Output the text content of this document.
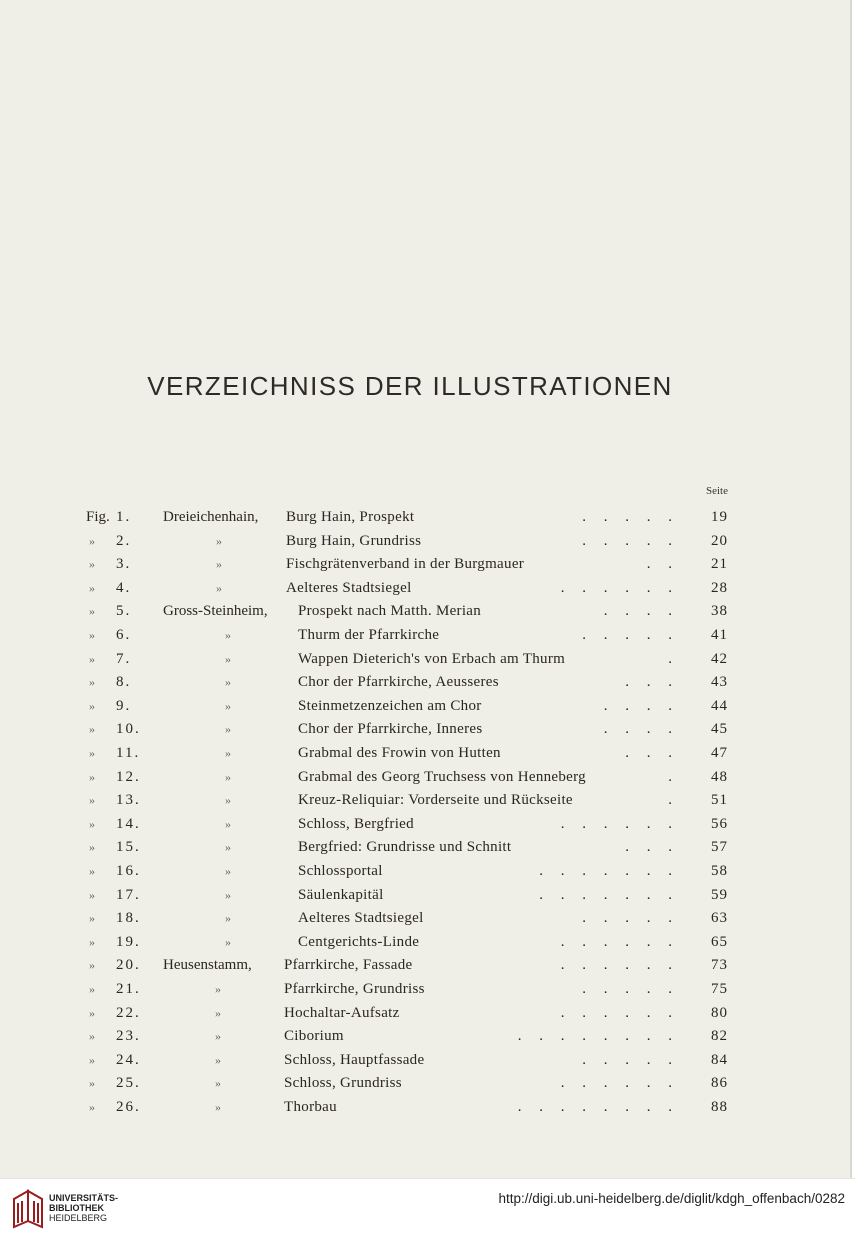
VERZEICHNISS DER ILLUSTRATIONEN
Seite
Fig. 1.	Dreieichenhain, Burg Hain, Prospekt	. . . . .	19
»	2.	»	Burg Hain, Grundriss	. . . . .	20
»	3.	»	Fischgrätenverband in der Burgmauer	. .	21
»	4.	»	Aelteres Stadtsiegel	. . . . . .	28
»	5.	Gross-Steinheim, Prospekt nach Matth. Merian	. . . .	38
»	6.	»	Thurm der Pfarrkirche	. . . . .	41
»	7.	»	Wappen Dieterich's von Erbach am Thurm	.	42
»	8.	»	Chor der Pfarrkirche, Aeusseres	. . .	43
»	9.	»	Steinmetzenzeichen am Chor	. . . .	44
»	10.	»	Chor der Pfarrkirche, Inneres	. . . .	45
»	11.	»	Grabmal des Frowin von Hutten	. . .	47
»	12.	»	Grabmal des Georg Truchsess von Henneberg	.	48
»	13.	»	Kreuz-Reliquiar: Vorderseite und Rückseite	.	51
»	14.	»	Schloss, Bergfried	. . . . . .	56
»	15.	»	Bergfried: Grundrisse und Schnitt	. . .	57
»	16.	»	Schlossportal	. . . . . . .	58
»	17.	»	Säulenkapitäl	. . . . . . .	59
»	18.	»	Aelteres Stadtsiegel	. . . . .	63
»	19.	»	Centgerichts-Linde	. . . . . .	65
»	20.	Heusenstamm, Pfarrkirche, Fassade	. . . . . .	73
»	21.	»	Pfarrkirche, Grundriss	. . . . .	75
»	22.	»	Hochaltar-Aufsatz	. . . . . .	80
»	23.	»	Ciborium	. . . . . . . .	82
»	24.	»	Schloss, Hauptfassade	. . . . .	84
»	25.	»	Schloss, Grundriss	. . . . . .	86
»	26.	»	Thorbau	. . . . . . . .	88
UNIVERSITÄTS-
BIBLIOTHEK
HEIDELBERG
http://digi.ub.uni-heidelberg.de/diglit/kdgh_offenbach/0282
